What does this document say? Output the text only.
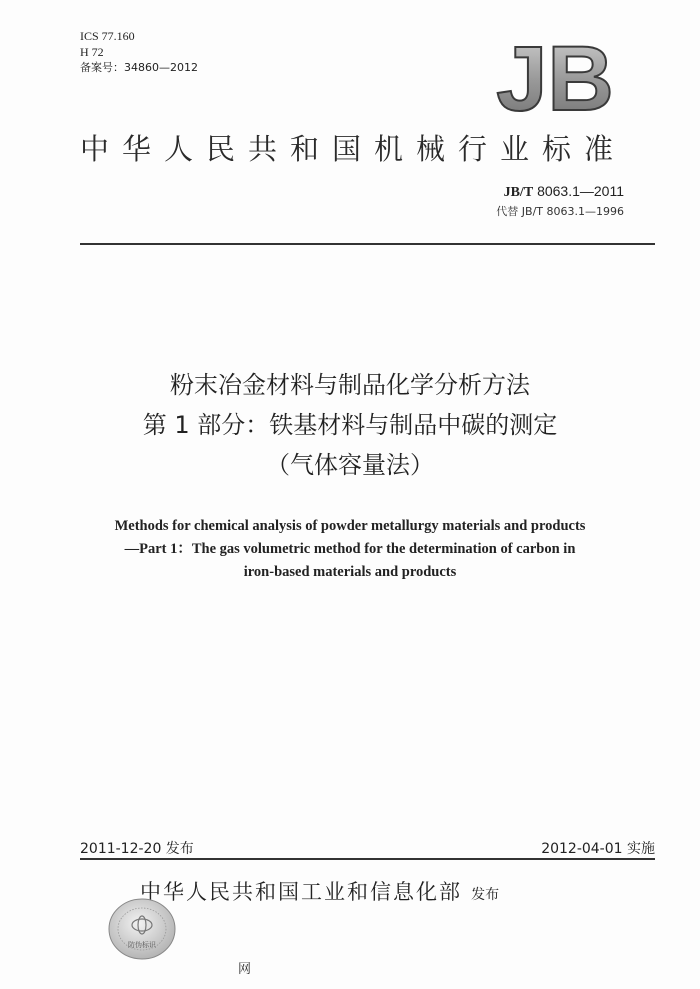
ICS 77.160
H 72
备案号：34860—2012	JB
中华人民共和国机械行业标准
JB/T 8063.1—2011
代替 JB/T 8063.1—1996
粉末冶金材料与制品化学分析方法
第 1 部分：铁基材料与制品中碳的测定
（气体容量法）
Methods for chemical analysis of powder metallurgy materials and products
—Part 1：The gas volumetric method for the determination of carbon in
iron-based materials and products
2011-12-20 发布	2012-04-01 实施
中华人民共和国工业和信息化部 发布
防伪标识
网
